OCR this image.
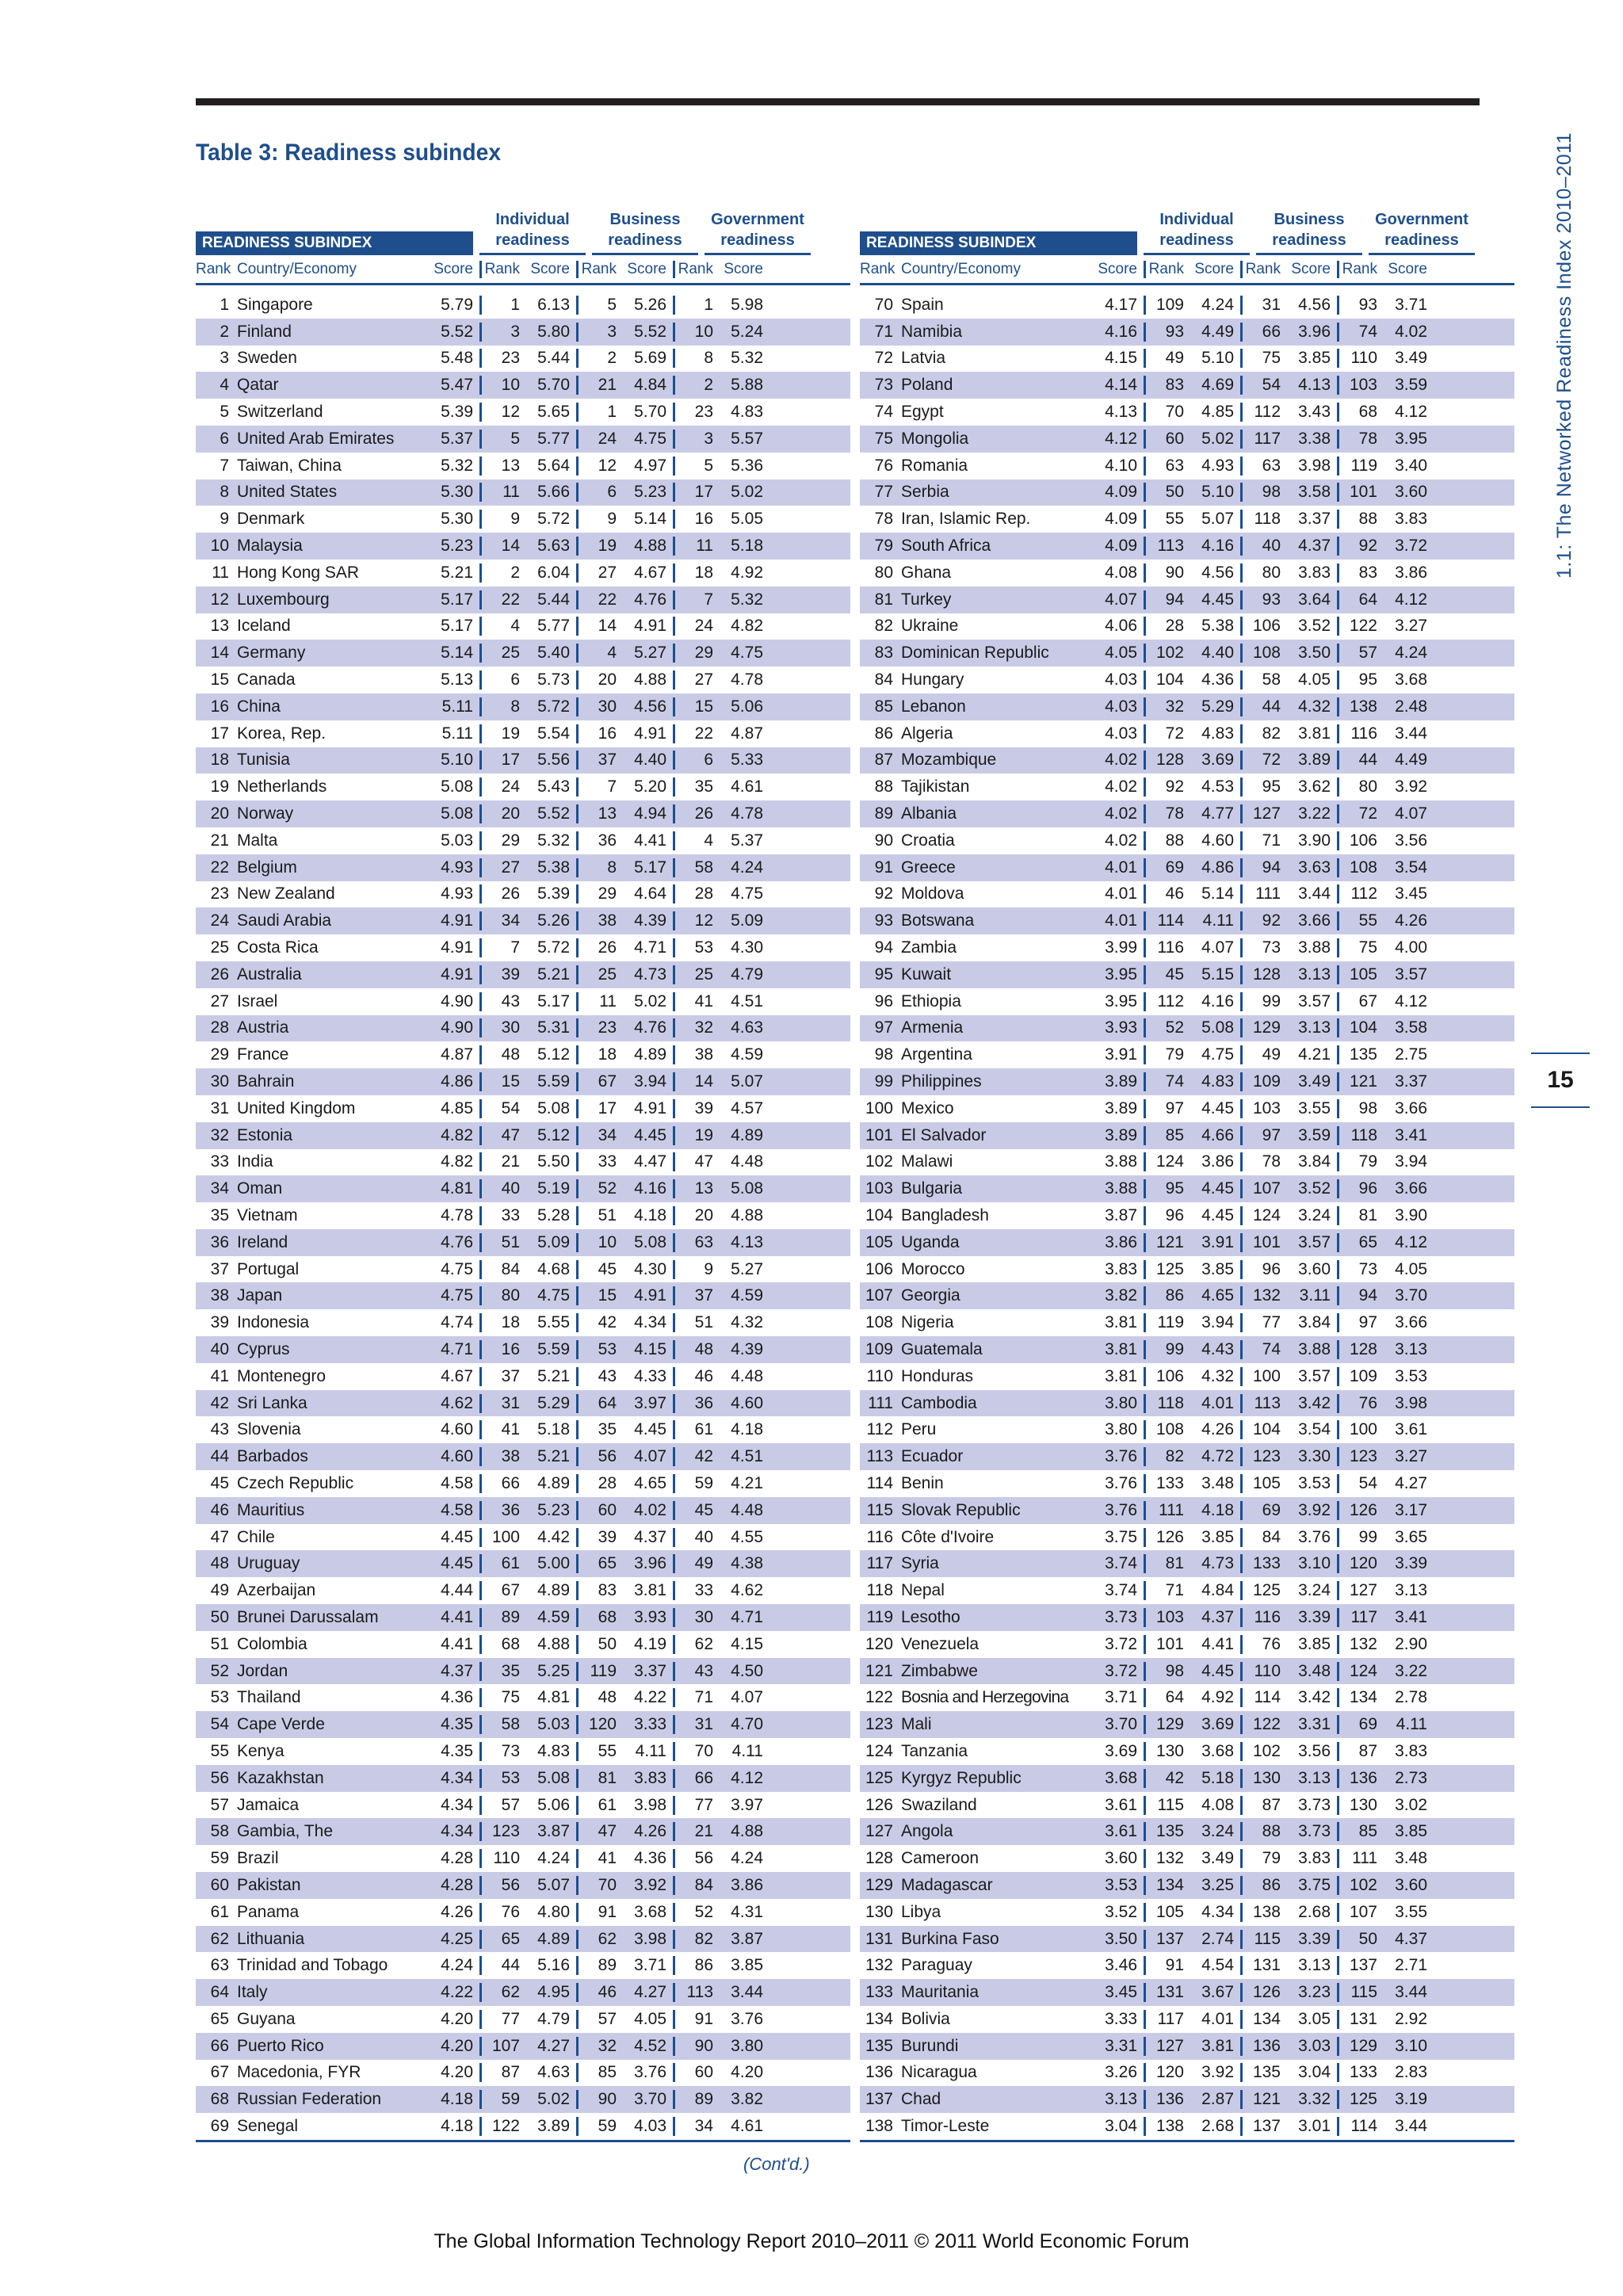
Table 3: Readiness subindex	1.1: The Networked Readiness Index 2010–2011
15
READINESS SUBINDEX
Individual readiness
Business readiness
Government readiness
Rank Country/Economy	Score Rank Score Rank Score Rank Score
1 Singapore	5.79	1	6.13	5	5.26	1	5.98
2 Finland	5.52	3	5.80	3	5.52	10	5.24
3 Sweden	5.48	23	5.44	2	5.69	8	5.32
4 Qatar	5.47	10	5.70	21	4.84	2	5.88
5 Switzerland	5.39	12	5.65	1	5.70	23	4.83
6 United Arab Emirates	5.37	5	5.77	24	4.75	3	5.57
7 Taiwan, China	5.32	13	5.64	12	4.97	5	5.36
8 United States	5.30	11	5.66	6	5.23	17	5.02
9 Denmark	5.30	9	5.72	9	5.14	16	5.05
10 Malaysia	5.23	14	5.63	19	4.88	11	5.18
11 Hong Kong SAR	5.21	2	6.04	27	4.67	18	4.92
12 Luxembourg	5.17	22	5.44	22	4.76	7	5.32
13 Iceland	5.17	4	5.77	14	4.91	24	4.82
14 Germany	5.14	25	5.40	4	5.27	29	4.75
15 Canada	5.13	6	5.73	20	4.88	27	4.78
16 China	5.11	8	5.72	30	4.56	15	5.06
17 Korea, Rep.	5.11	19	5.54	16	4.91	22	4.87
18 Tunisia	5.10	17	5.56	37	4.40	6	5.33
19 Netherlands	5.08	24	5.43	7	5.20	35	4.61
20 Norway	5.08	20	5.52	13	4.94	26	4.78
21 Malta	5.03	29	5.32	36	4.41	4	5.37
22 Belgium	4.93	27	5.38	8	5.17	58	4.24
23 New Zealand	4.93	26	5.39	29	4.64	28	4.75
24 Saudi Arabia	4.91	34	5.26	38	4.39	12	5.09
25 Costa Rica	4.91	7	5.72	26	4.71	53	4.30
26 Australia	4.91	39	5.21	25	4.73	25	4.79
27 Israel	4.90	43	5.17	11	5.02	41	4.51
28 Austria	4.90	30	5.31	23	4.76	32	4.63
29 France	4.87	48	5.12	18	4.89	38	4.59
30 Bahrain	4.86	15	5.59	67	3.94	14	5.07
31 United Kingdom	4.85	54	5.08	17	4.91	39	4.57
32 Estonia	4.82	47	5.12	34	4.45	19	4.89
33 India	4.82	21	5.50	33	4.47	47	4.48
34 Oman	4.81	40	5.19	52	4.16	13	5.08
35 Vietnam	4.78	33	5.28	51	4.18	20	4.88
36 Ireland	4.76	51	5.09	10	5.08	63	4.13
37 Portugal	4.75	84	4.68	45	4.30	9	5.27
38 Japan	4.75	80	4.75	15	4.91	37	4.59
39 Indonesia	4.74	18	5.55	42	4.34	51	4.32
40 Cyprus	4.71	16	5.59	53	4.15	48	4.39
41 Montenegro	4.67	37	5.21	43	4.33	46	4.48
42 Sri Lanka	4.62	31	5.29	64	3.97	36	4.60
43 Slovenia	4.60	41	5.18	35	4.45	61	4.18
44 Barbados	4.60	38	5.21	56	4.07	42	4.51
45 Czech Republic	4.58	66	4.89	28	4.65	59	4.21
46 Mauritius	4.58	36	5.23	60	4.02	45	4.48
47 Chile	4.45	100	4.42	39	4.37	40	4.55
48 Uruguay	4.45	61	5.00	65	3.96	49	4.38
49 Azerbaijan	4.44	67	4.89	83	3.81	33	4.62
50 Brunei Darussalam	4.41	89	4.59	68	3.93	30	4.71
51 Colombia	4.41	68	4.88	50	4.19	62	4.15
52 Jordan	4.37	35	5.25	119	3.37	43	4.50
53 Thailand	4.36	75	4.81	48	4.22	71	4.07
54 Cape Verde	4.35	58	5.03	120	3.33	31	4.70
55 Kenya	4.35	73	4.83	55	4.11	70	4.11
56 Kazakhstan	4.34	53	5.08	81	3.83	66	4.12
57 Jamaica	4.34	57	5.06	61	3.98	77	3.97
58 Gambia, The	4.34	123	3.87	47	4.26	21	4.88
59 Brazil	4.28	110	4.24	41	4.36	56	4.24
60 Pakistan	4.28	56	5.07	70	3.92	84	3.86
61 Panama	4.26	76	4.80	91	3.68	52	4.31
62 Lithuania	4.25	65	4.89	62	3.98	82	3.87
63 Trinidad and Tobago	4.24	44	5.16	89	3.71	86	3.85
64 Italy	4.22	62	4.95	46	4.27	113	3.44
65 Guyana	4.20	77	4.79	57	4.05	91	3.76
66 Puerto Rico	4.20	107	4.27	32	4.52	90	3.80
67 Macedonia, FYR	4.20	87	4.63	85	3.76	60	4.20
68 Russian Federation	4.18	59	5.02	90	3.70	89	3.82
69 Senegal	4.18	122	3.89	59	4.03	34	4.61
READINESS SUBINDEX
Individual readiness
Business readiness
Government readiness
Rank Country/Economy	Score Rank Score Rank Score Rank Score
70 Spain	4.17	109	4.24	31	4.56	93	3.71
71 Namibia	4.16	93	4.49	66	3.96	74	4.02
72 Latvia	4.15	49	5.10	75	3.85	110	3.49
73 Poland	4.14	83	4.69	54	4.13	103	3.59
74 Egypt	4.13	70	4.85	112	3.43	68	4.12
75 Mongolia	4.12	60	5.02	117	3.38	78	3.95
76 Romania	4.10	63	4.93	63	3.98	119	3.40
77 Serbia	4.09	50	5.10	98	3.58	101	3.60
78 Iran, Islamic Rep.	4.09	55	5.07	118	3.37	88	3.83
79 South Africa	4.09	113	4.16	40	4.37	92	3.72
80 Ghana	4.08	90	4.56	80	3.83	83	3.86
81 Turkey	4.07	94	4.45	93	3.64	64	4.12
82 Ukraine	4.06	28	5.38	106	3.52	122	3.27
83 Dominican Republic	4.05	102	4.40	108	3.50	57	4.24
84 Hungary	4.03	104	4.36	58	4.05	95	3.68
85 Lebanon	4.03	32	5.29	44	4.32	138	2.48
86 Algeria	4.03	72	4.83	82	3.81	116	3.44
87 Mozambique	4.02	128	3.69	72	3.89	44	4.49
88 Tajikistan	4.02	92	4.53	95	3.62	80	3.92
89 Albania	4.02	78	4.77	127	3.22	72	4.07
90 Croatia	4.02	88	4.60	71	3.90	106	3.56
91 Greece	4.01	69	4.86	94	3.63	108	3.54
92 Moldova	4.01	46	5.14	111	3.44	112	3.45
93 Botswana	4.01	114	4.11	92	3.66	55	4.26
94 Zambia	3.99	116	4.07	73	3.88	75	4.00
95 Kuwait	3.95	45	5.15	128	3.13	105	3.57
96 Ethiopia	3.95	112	4.16	99	3.57	67	4.12
97 Armenia	3.93	52	5.08	129	3.13	104	3.58
98 Argentina	3.91	79	4.75	49	4.21	135	2.75
99 Philippines	3.89	74	4.83	109	3.49	121	3.37
100 Mexico	3.89	97	4.45	103	3.55	98	3.66
101 El Salvador	3.89	85	4.66	97	3.59	118	3.41
102 Malawi	3.88	124	3.86	78	3.84	79	3.94
103 Bulgaria	3.88	95	4.45	107	3.52	96	3.66
104 Bangladesh	3.87	96	4.45	124	3.24	81	3.90
105 Uganda	3.86	121	3.91	101	3.57	65	4.12
106 Morocco	3.83	125	3.85	96	3.60	73	4.05
107 Georgia	3.82	86	4.65	132	3.11	94	3.70
108 Nigeria	3.81	119	3.94	77	3.84	97	3.66
109 Guatemala	3.81	99	4.43	74	3.88	128	3.13
110 Honduras	3.81	106	4.32	100	3.57	109	3.53
111 Cambodia	3.80	118	4.01	113	3.42	76	3.98
112 Peru	3.80	108	4.26	104	3.54	100	3.61
113 Ecuador	3.76	82	4.72	123	3.30	123	3.27
114 Benin	3.76	133	3.48	105	3.53	54	4.27
115 Slovak Republic	3.76	111	4.18	69	3.92	126	3.17
116 Côte d'Ivoire	3.75	126	3.85	84	3.76	99	3.65
117 Syria	3.74	81	4.73	133	3.10	120	3.39
118 Nepal	3.74	71	4.84	125	3.24	127	3.13
119 Lesotho	3.73	103	4.37	116	3.39	117	3.41
120 Venezuela	3.72	101	4.41	76	3.85	132	2.90
121 Zimbabwe	3.72	98	4.45	110	3.48	124	3.22
122 Bosnia and Herzegovina	3.71	64	4.92	114	3.42	134	2.78
123 Mali	3.70	129	3.69	122	3.31	69	4.11
124 Tanzania	3.69	130	3.68	102	3.56	87	3.83
125 Kyrgyz Republic	3.68	42	5.18	130	3.13	136	2.73
126 Swaziland	3.61	115	4.08	87	3.73	130	3.02
127 Angola	3.61	135	3.24	88	3.73	85	3.85
128 Cameroon	3.60	132	3.49	79	3.83	111	3.48
129 Madagascar	3.53	134	3.25	86	3.75	102	3.60
130 Libya	3.52	105	4.34	138	2.68	107	3.55
131 Burkina Faso	3.50	137	2.74	115	3.39	50	4.37
132 Paraguay	3.46	91	4.54	131	3.13	137	2.71
133 Mauritania	3.45	131	3.67	126	3.23	115	3.44
134 Bolivia	3.33	117	4.01	134	3.05	131	2.92
135 Burundi	3.31	127	3.81	136	3.03	129	3.10
136 Nicaragua	3.26	120	3.92	135	3.04	133	2.83
137 Chad	3.13	136	2.87	121	3.32	125	3.19
138 Timor-Leste	3.04	138	2.68	137	3.01	114	3.44
(Cont'd.)
The Global Information Technology Report 2010–2011 © 2011 World Economic Forum
